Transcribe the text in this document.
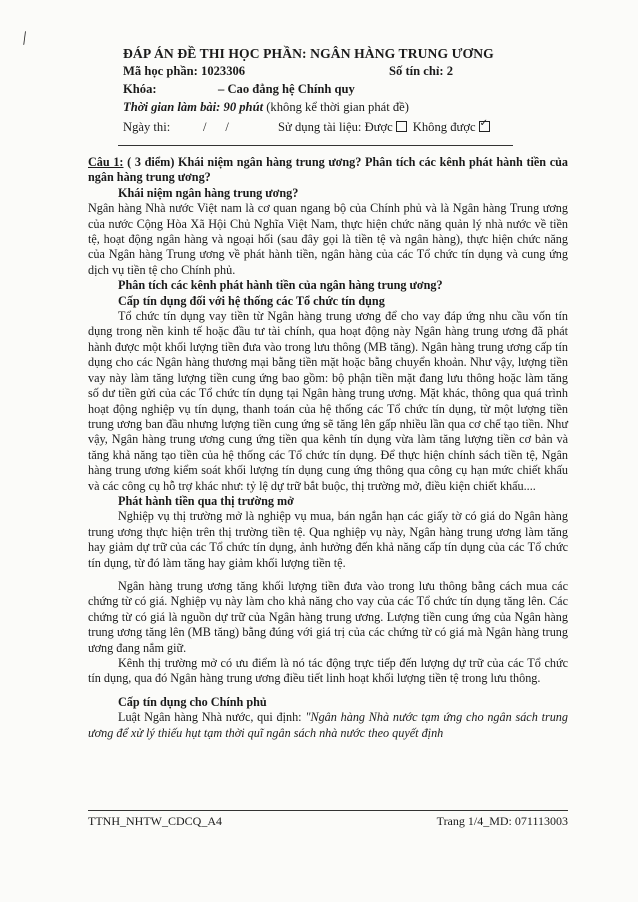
/
ĐÁP ÁN ĐỀ THI HỌC PHẦN: NGÂN HÀNG TRUNG ƯƠNG
Mã học phần: 1023306	Số tín chỉ: 2
Khóa:	– Cao đẳng hệ Chính quy
Thời gian làm bài: 90 phút (không kể thời gian phát đề)
Ngày thi:	/      /	Sử dụng tài liệu: Được Không được✓

Câu 1: ( 3 điểm) Khái niệm ngân hàng trung ương? Phân tích các kênh phát hành tiền của ngân hàng trung ương?

Khái niệm ngân hàng trung ương?

Ngân hàng Nhà nước Việt nam là cơ quan ngang bộ của Chính phủ và là Ngân hàng Trung ương của nước Cộng Hòa Xã Hội Chủ Nghĩa Việt Nam, thực hiện chức năng quản lý nhà nước về tiền tệ, hoạt động ngân hàng và ngoại hối (sau đây gọi là tiền tệ và ngân hàng), thực hiện chức năng của Ngân hàng Trung ương về phát hành tiền, ngân hàng của các Tổ chức tín dụng và cung ứng dịch vụ tiền tệ cho Chính phủ.

Phân tích các kênh phát hành tiền của ngân hàng trung ương?

Cấp tín dụng đối với hệ thống các Tổ chức tín dụng

Tổ chức tín dụng vay tiền từ Ngân hàng trung ương để cho vay đáp ứng nhu cầu vốn tín dụng trong nền kinh tế hoặc đầu tư tài chính, qua hoạt động này Ngân hàng trung ương đã phát hành được một khối lượng tiền đưa vào trong lưu thông (MB tăng). Ngân hàng trung ương cấp tín dụng cho các Ngân hàng thương mại bằng tiền mặt hoặc bằng chuyển khoản. Như vậy, lượng tiền vay này làm tăng lượng tiền cung ứng bao gồm: bộ phận tiền mặt đang lưu thông hoặc làm tăng số dư tiền gửi của các Tổ chức tín dụng tại Ngân hàng trung ương. Mặt khác, thông qua quá trình hoạt động nghiệp vụ tín dụng, thanh toán của hệ thống các Tổ chức tín dụng, từ một lượng tiền trung ương ban đầu nhưng lượng tiền cung ứng sẽ tăng lên gấp nhiều lần qua cơ chế tạo tiền. Như vậy, Ngân hàng trung ương cung ứng tiền qua kênh tín dụng vừa làm tăng lượng tiền cơ bản và tăng khả năng tạo tiền của hệ thống các Tổ chức tín dụng. Để thực hiện chính sách tiền tệ, Ngân hàng trung ương kiểm soát khối lượng tín dụng cung ứng thông qua công cụ hạn mức chiết khấu và các công cụ hỗ trợ khác như: tỷ lệ dự trữ bắt buộc, thị trường mở, điều kiện chiết khấu....

Phát hành tiền qua thị trường mở

Nghiệp vụ thị trường mở là nghiệp vụ mua, bán ngắn hạn các giấy tờ có giá do Ngân hàng trung ương thực hiện trên thị trường tiền tệ. Qua nghiệp vụ này, Ngân hàng trung ương làm tăng hay giảm dự trữ của các Tổ chức tín dụng, ảnh hưởng đến khả năng cấp tín dụng của các Tổ chức tín dụng, từ đó làm tăng hay giảm khối lượng tiền tệ.

Ngân hàng trung ương tăng khối lượng tiền đưa vào trong lưu thông bằng cách mua các chứng từ có giá. Nghiệp vụ này làm cho khả năng cho vay của các Tổ chức tín dụng tăng lên. Các chứng từ có giá là nguồn dự trữ của Ngân hàng trung ương. Lượng tiền cung ứng của Ngân hàng trung ương tăng lên (MB tăng) bằng đúng với giá trị của các chứng từ có giá mà Ngân hàng trung ương đang nắm giữ.

Kênh thị trường mở có ưu điểm là nó tác động trực tiếp đến lượng dự trữ của các Tổ chức tín dụng, qua đó Ngân hàng trung ương điều tiết linh hoạt khối lượng tiền tệ trong lưu thông.

Cấp tín dụng cho Chính phủ

Luật Ngân hàng Nhà nước, qui định: "Ngân hàng Nhà nước tạm ứng cho ngân sách trung ương để xử lý thiếu hụt tạm thời quĩ ngân sách nhà nước theo quyết định

TTNH_NHTW_CDCQ_A4	Trang 1/4_MD: 071113003
